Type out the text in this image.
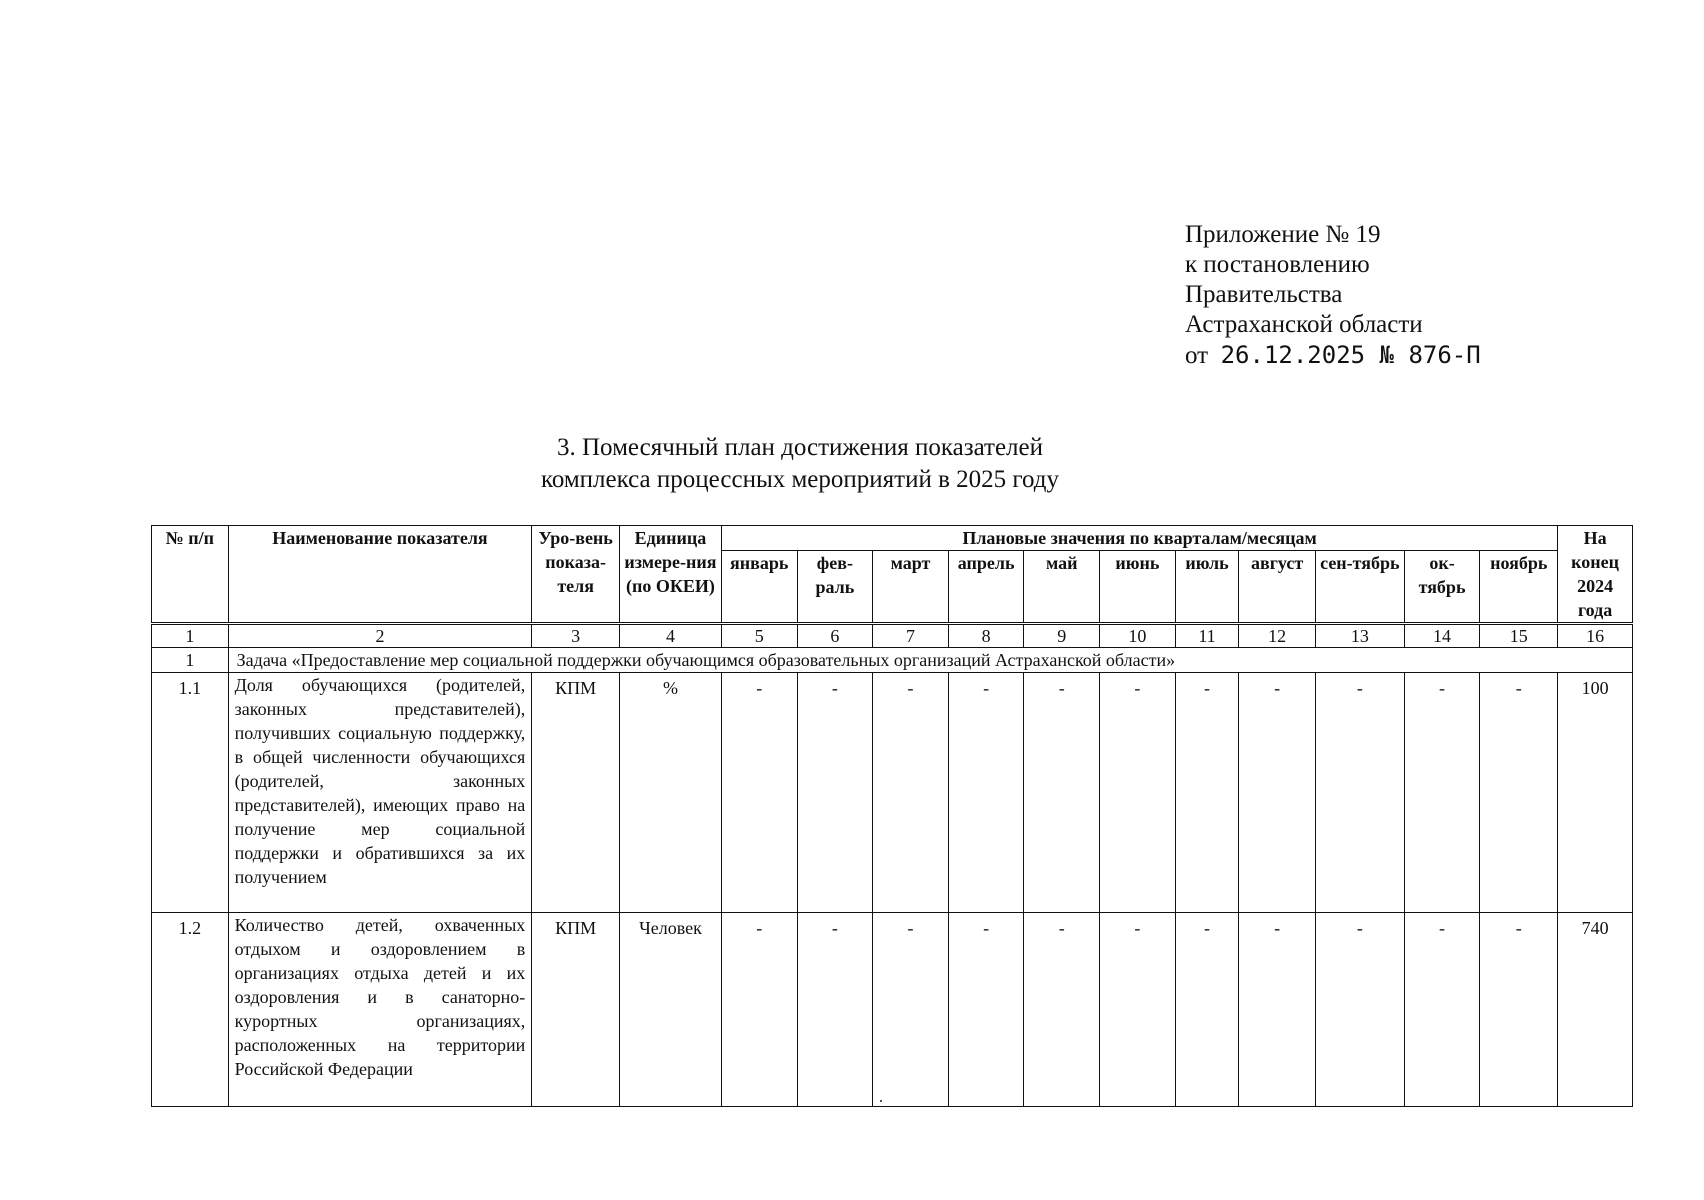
Приложение № 19
к постановлению
Правительства
Астраханской области
от 26.12.2025 № 876-П
3. Помесячный план достижения показателей
комплекса процессных мероприятий в 2025 году
№ п/п	Наименование показателя	Уро-вень показа-теля	Единица измере-ния (по ОКЕИ)	Плановые значения по кварталам/месяцам											На конец 2024 года
				январь	фев-раль	март	апрель	май	июнь	июль	август	сен-тябрь	ок-тябрь	ноябрь	
1	2	3	4	5	6	7	8	9	10	11	12	13	14	15	16
1	Задача «Предоставление мер социальной поддержки обучающимся образовательных организаций Астраханской области»														
1.1	Доля обучающихся (родителей, законных представителей), получивших социальную поддержку, в общей численности обучающихся (родителей, законных представителей), имеющих право на получение мер социальной поддержки и обратившихся за их получением	КПМ	%	-	-	-	-	-	-	-	-	-	-	-	100
1.2	Количество детей, охваченных отдыхом и оздоровлением в организациях отдыха детей и их оздоровления и в санаторно-курортных организациях, расположенных на территории Российской Федерации	КПМ	Человек	-	-	-	-	-	-	-	-	-	-	-	740
